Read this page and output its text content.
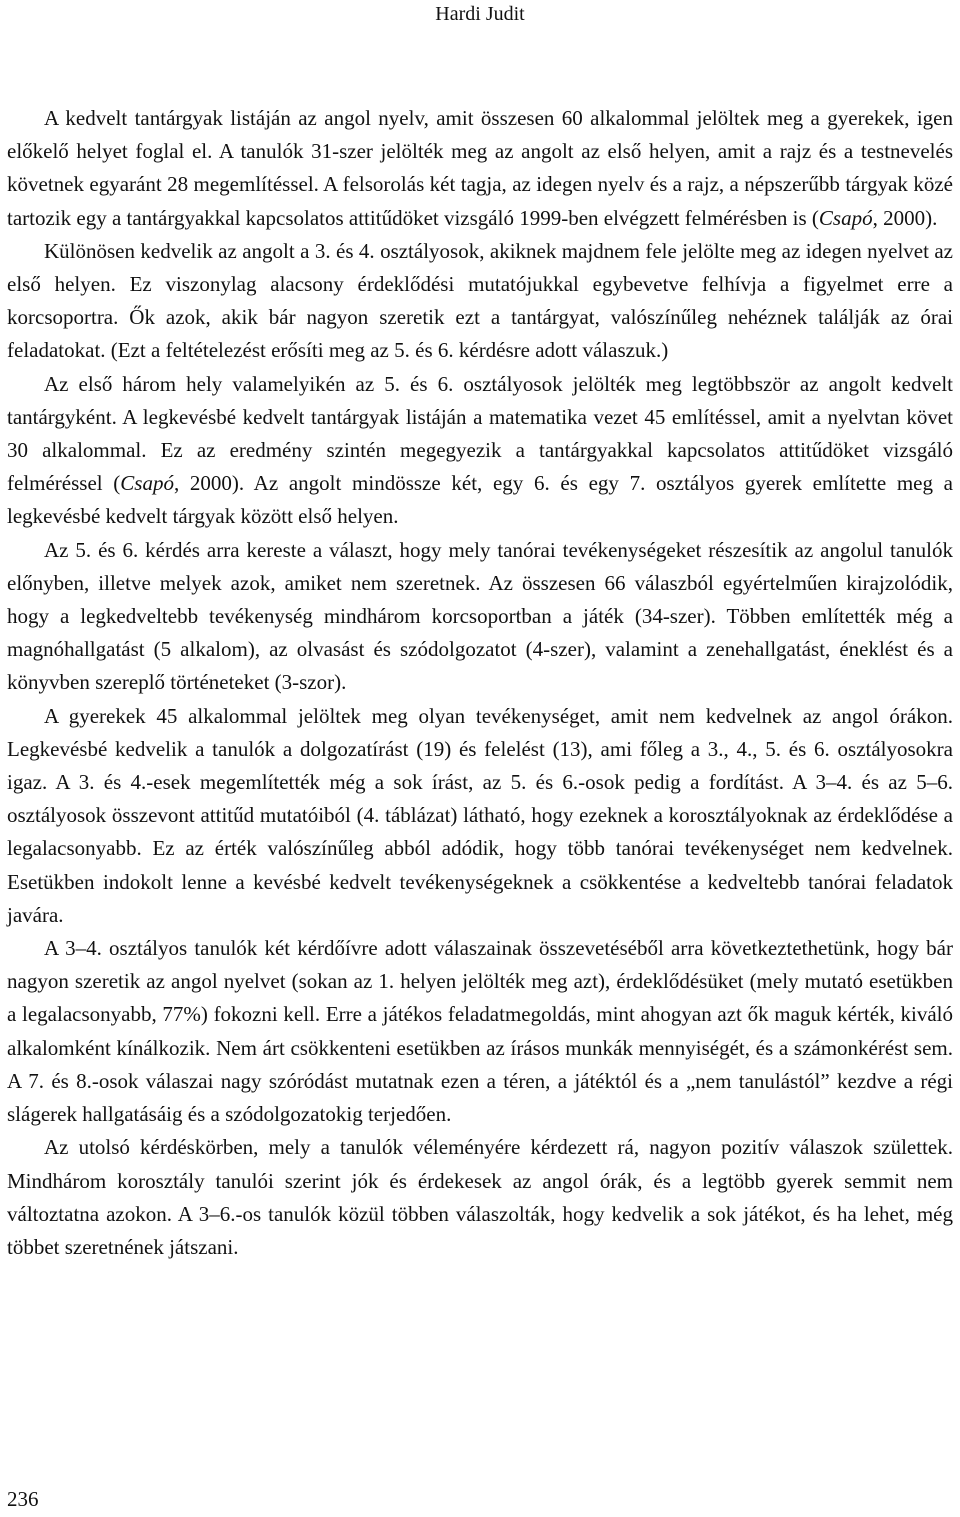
Hardi Judit

A kedvelt tantárgyak listáján az angol nyelv, amit összesen 60 alkalommal jelöltek meg a gyerekek, igen előkelő helyet foglal el. A tanulók 31-szer jelölték meg az angolt az első helyen, amit a rajz és a testnevelés követnek egyaránt 28 megemlítéssel. A felsorolás két tagja, az idegen nyelv és a rajz, a népszerűbb tárgyak közé tartozik egy a tantárgyakkal kapcsolatos attitűdöket vizsgáló 1999-ben elvégzett felmérésben is (Csapó, 2000).

Különösen kedvelik az angolt a 3. és 4. osztályosok, akiknek majdnem fele jelölte meg az idegen nyelvet az első helyen. Ez viszonylag alacsony érdeklődési mutatójukkal egybevetve felhívja a figyelmet erre a korcsoportra. Ők azok, akik bár nagyon szeretik ezt a tantárgyat, valószínűleg nehéznek találják az órai feladatokat. (Ezt a feltételezést erősíti meg az 5. és 6. kérdésre adott válaszuk.)

Az első három hely valamelyikén az 5. és 6. osztályosok jelölték meg legtöbbször az angolt kedvelt tantárgyként. A legkevésbé kedvelt tantárgyak listáján a matematika vezet 45 említéssel, amit a nyelvtan követ 30 alkalommal. Ez az eredmény szintén megegyezik a tantárgyakkal kapcsolatos attitűdöket vizsgáló felméréssel (Csapó, 2000). Az angolt mindössze két, egy 6. és egy 7. osztályos gyerek említette meg a legkevésbé kedvelt tárgyak között első helyen.

Az 5. és 6. kérdés arra kereste a választ, hogy mely tanórai tevékenységeket részesítik az angolul tanulók előnyben, illetve melyek azok, amiket nem szeretnek. Az összesen 66 válaszból egyértelműen kirajzolódik, hogy a legkedveltebb tevékenység mindhárom korcsoportban a játék (34-szer). Többen említették még a magnóhallgatást (5 alkalom), az olvasást és szódolgozatot (4-szer), valamint a zenehallgatást, éneklést és a könyvben szereplő történeteket (3-szor).

A gyerekek 45 alkalommal jelöltek meg olyan tevékenységet, amit nem kedvelnek az angol órákon. Legkevésbé kedvelik a tanulók a dolgozatírást (19) és felelést (13), ami főleg a 3., 4., 5. és 6. osztályosokra igaz. A 3. és 4.-esek megemlítették még a sok írást, az 5. és 6.-osok pedig a fordítást. A 3–4. és az 5–6. osztályosok összevont attitűd mutatóiból (4. táblázat) látható, hogy ezeknek a korosztályoknak az érdeklődése a legalacsonyabb. Ez az érték valószínűleg abból adódik, hogy több tanórai tevékenységet nem kedvelnek. Esetükben indokolt lenne a kevésbé kedvelt tevékenységeknek a csökkentése a kedveltebb tanórai feladatok javára.

A 3–4. osztályos tanulók két kérdőívre adott válaszainak összevetéséből arra következtethetünk, hogy bár nagyon szeretik az angol nyelvet (sokan az 1. helyen jelölték meg azt), érdeklődésüket (mely mutató esetükben a legalacsonyabb, 77%) fokozni kell. Erre a játékos feladatmegoldás, mint ahogyan azt ők maguk kérték, kiváló alkalomként kínálkozik. Nem árt csökkenteni esetükben az írásos munkák mennyiségét, és a számonkérést sem. A 7. és 8.-osok válaszai nagy szóródást mutatnak ezen a téren, a játéktól és a „nem tanulástól” kezdve a régi slágerek hallgatásáig és a szódolgozatokig terjedően.

Az utolsó kérdéskörben, mely a tanulók véleményére kérdezett rá, nagyon pozitív válaszok születtek. Mindhárom korosztály tanulói szerint jók és érdekesek az angol órák, és a legtöbb gyerek semmit nem változtatna azokon. A 3–6.-os tanulók közül többen válaszolták, hogy kedvelik a sok játékot, és ha lehet, még többet szeretnének játszani.

236
